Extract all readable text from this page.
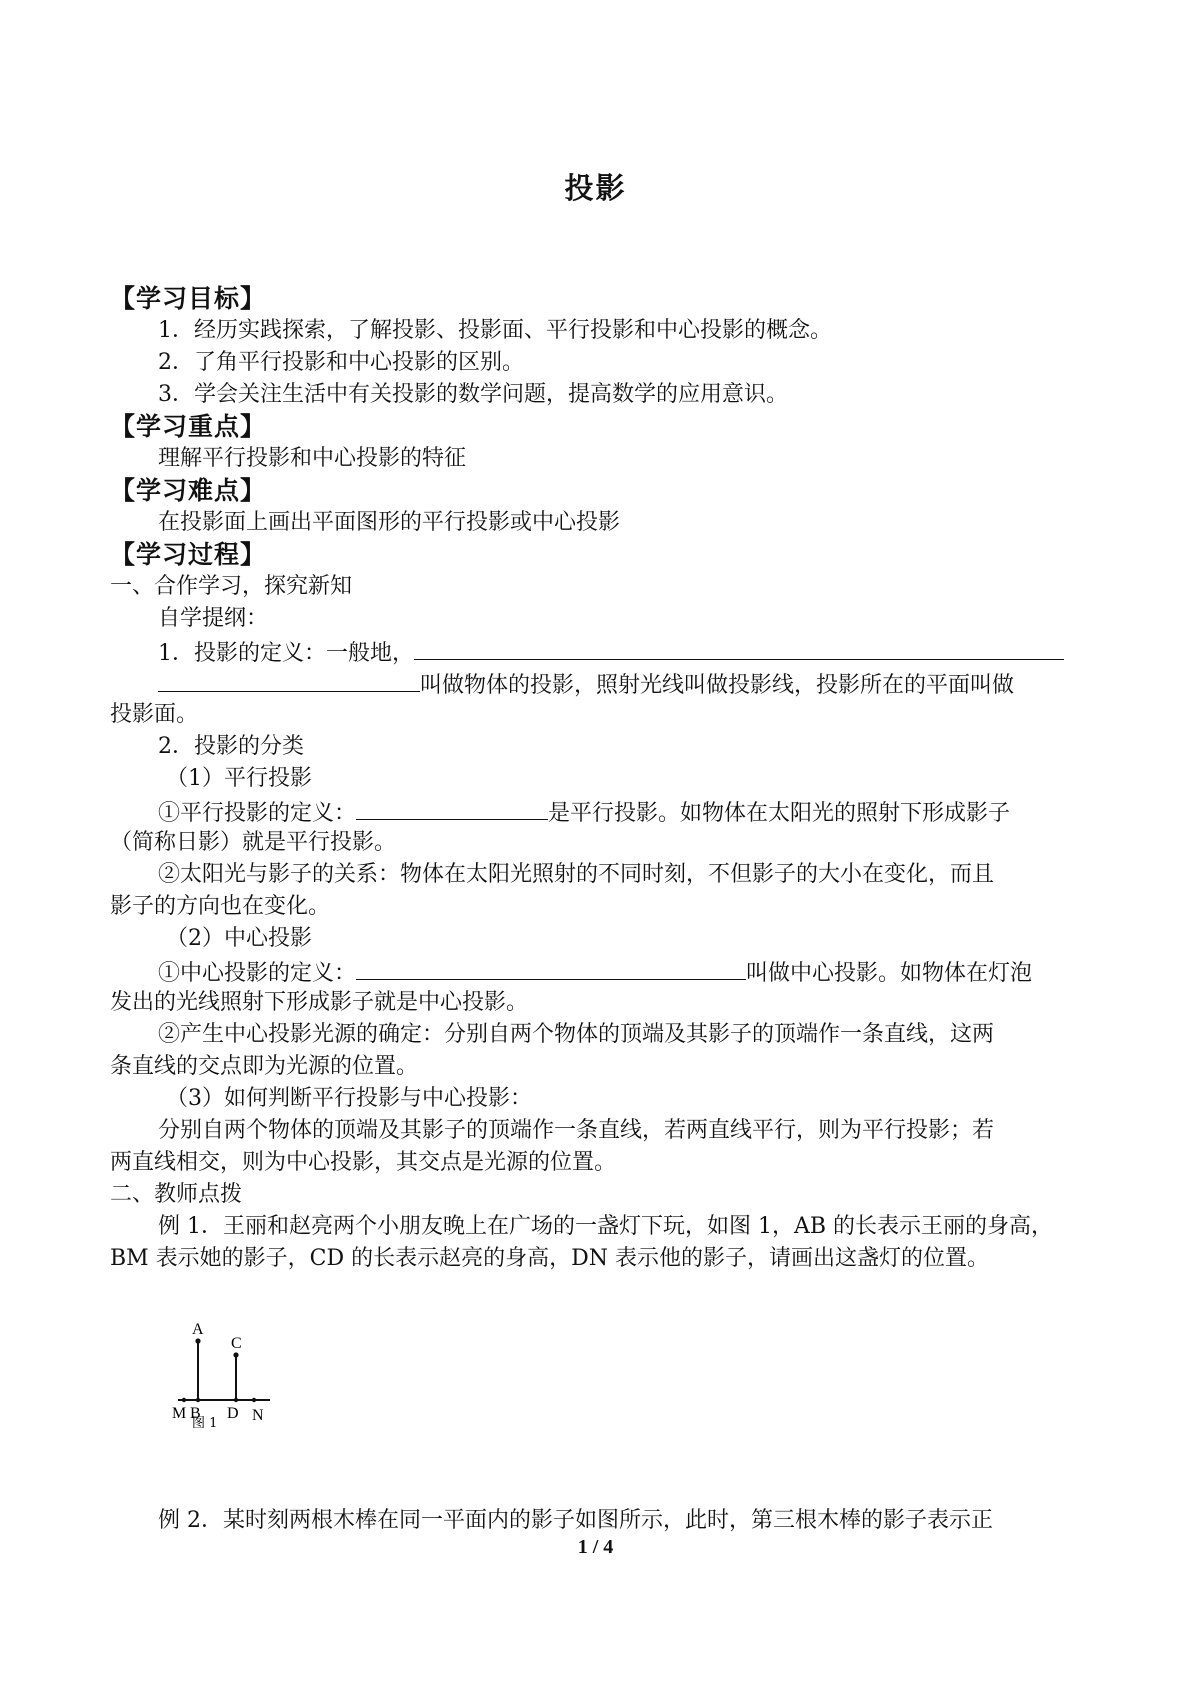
投影
【学习目标】
1．经历实践探索，了解投影、投影面、平行投影和中心投影的概念。
2．了角平行投影和中心投影的区别。
3．学会关注生活中有关投影的数学问题，提高数学的应用意识。
【学习重点】
理解平行投影和中心投影的特征
【学习难点】
在投影面上画出平面图形的平行投影或中心投影
【学习过程】
一、合作学习，探究新知
自学提纲：
1．投影的定义：一般地，
叫做物体的投影，照射光线叫做投影线，投影所在的平面叫做
投影面。
2．投影的分类
（1）平行投影
①平行投影的定义：	是平行投影。如物体在太阳光的照射下形成影子
（简称日影）就是平行投影。
②太阳光与影子的关系：物体在太阳光照射的不同时刻，不但影子的大小在变化，而且
影子的方向也在变化。
（2）中心投影
①中心投影的定义：	叫做中心投影。如物体在灯泡
发出的光线照射下形成影子就是中心投影。
②产生中心投影光源的确定：分别自两个物体的顶端及其影子的顶端作一条直线，这两
条直线的交点即为光源的位置。
（3）如何判断平行投影与中心投影：
分别自两个物体的顶端及其影子的顶端作一条直线，若两直线平行，则为平行投影；若
两直线相交，则为中心投影，其交点是光源的位置。
二、教师点拨
例 1．王丽和赵亮两个小朋友晚上在广场的一盏灯下玩，如图 1，AB 的长表示王丽的身高，
BM 表示她的影子，CD 的长表示赵亮的身高，DN 表示他的影子，请画出这盏灯的位置。
例 2．某时刻两根木棒在同一平面内的影子如图所示，此时，第三根木棒的影子表示正
A
C
M B D N
图 1
1 / 4
